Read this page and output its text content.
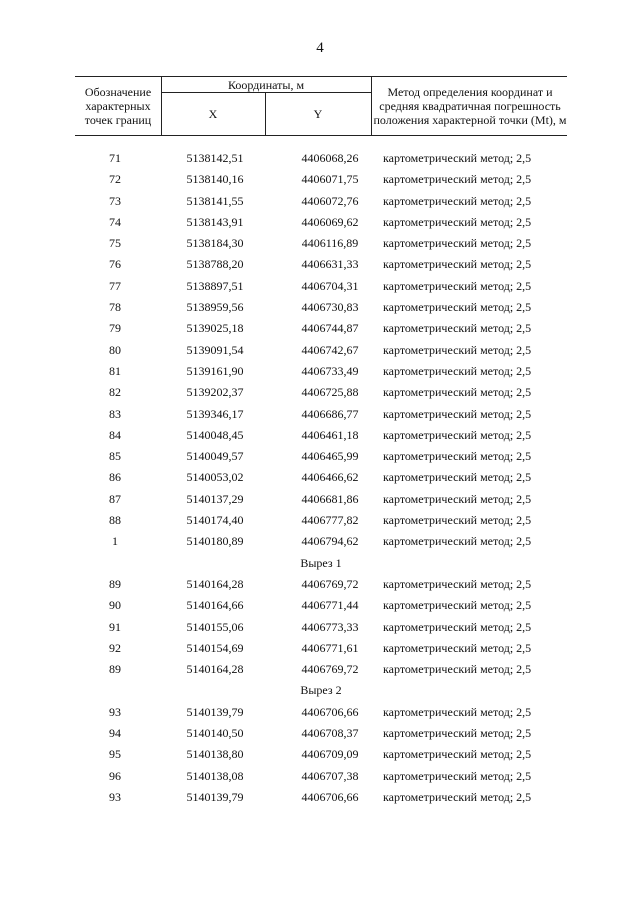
4
Обозначение характерных точек границ
Координаты, м
X	Y
Метод определения координат и средняя квадратичная погрешность положения характерной точки (Mt), м
71	5138142,51	4406068,26	картометрический метод; 2,5
72	5138140,16	4406071,75	картометрический метод; 2,5
73	5138141,55	4406072,76	картометрический метод; 2,5
74	5138143,91	4406069,62	картометрический метод; 2,5
75	5138184,30	4406116,89	картометрический метод; 2,5
76	5138788,20	4406631,33	картометрический метод; 2,5
77	5138897,51	4406704,31	картометрический метод; 2,5
78	5138959,56	4406730,83	картометрический метод; 2,5
79	5139025,18	4406744,87	картометрический метод; 2,5
80	5139091,54	4406742,67	картометрический метод; 2,5
81	5139161,90	4406733,49	картометрический метод; 2,5
82	5139202,37	4406725,88	картометрический метод; 2,5
83	5139346,17	4406686,77	картометрический метод; 2,5
84	5140048,45	4406461,18	картометрический метод; 2,5
85	5140049,57	4406465,99	картометрический метод; 2,5
86	5140053,02	4406466,62	картометрический метод; 2,5
87	5140137,29	4406681,86	картометрический метод; 2,5
88	5140174,40	4406777,82	картометрический метод; 2,5
1	5140180,89	4406794,62	картометрический метод; 2,5
Вырез 1
89	5140164,28	4406769,72	картометрический метод; 2,5
90	5140164,66	4406771,44	картометрический метод; 2,5
91	5140155,06	4406773,33	картометрический метод; 2,5
92	5140154,69	4406771,61	картометрический метод; 2,5
89	5140164,28	4406769,72	картометрический метод; 2,5
Вырез 2
93	5140139,79	4406706,66	картометрический метод; 2,5
94	5140140,50	4406708,37	картометрический метод; 2,5
95	5140138,80	4406709,09	картометрический метод; 2,5
96	5140138,08	4406707,38	картометрический метод; 2,5
93	5140139,79	4406706,66	картометрический метод; 2,5
